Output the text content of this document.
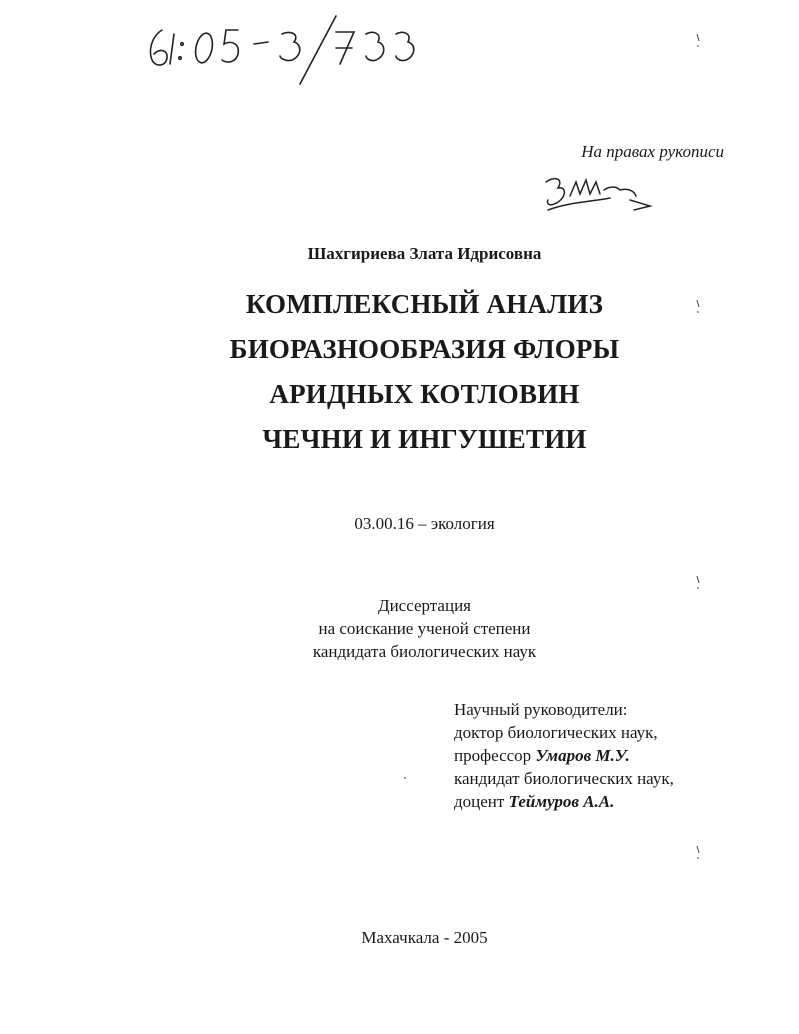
На правах рукописи
Шахгириева Злата Идрисовна
КОМПЛЕКСНЫЙ АНАЛИЗ
БИОРАЗНООБРАЗИЯ ФЛОРЫ
АРИДНЫХ КОТЛОВИН
ЧЕЧНИ И ИНГУШЕТИИ
03.00.16 – экология
Диссертация
на соискание ученой степени
кандидата биологических наук
Научный руководители:
доктор биологических наук,
профессор Умаров М.У.
кандидат биологических наук,
доцент Теймуров А.А.
Махачкала - 2005
